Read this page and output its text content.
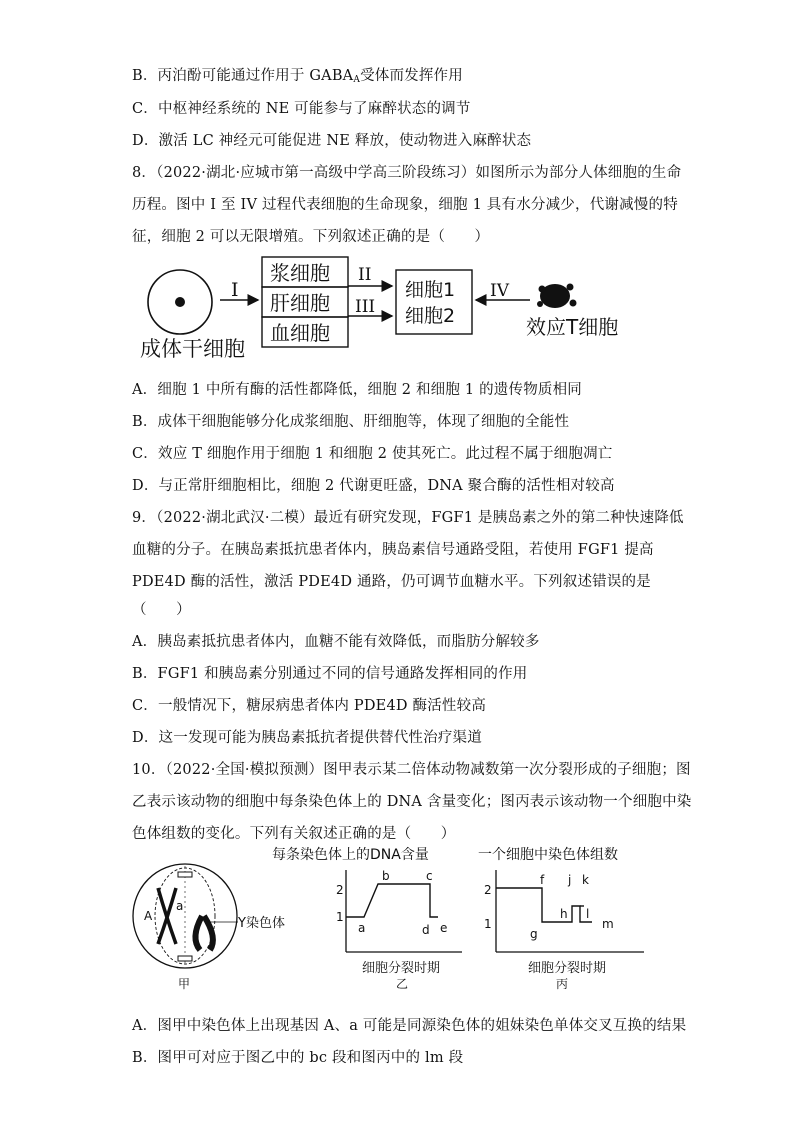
B．丙泊酚可能通过作用于 $GABA_A$受体而发挥作用
C．中枢神经系统的 NE 可能参与了麻醉状态的调节
D．激活 LC 神经元可能促进 NE 释放，使动物进入麻醉状态
8．（2022·湖北·应城市第一高级中学高三阶段练习）如图所示为部分人体细胞的生命
历程。图中 I 至 IV 过程代表细胞的生命现象，细胞 1 具有水分减少，代谢减慢的特
征，细胞 2 可以无限增殖。下列叙述正确的是（　　）
成体干细胞
I
浆细胞
肝细胞
血细胞
II
III
细胞1
细胞2
IV
效应T细胞
A．细胞 1 中所有酶的活性都降低，细胞 2 和细胞 1 的遗传物质相同
B．成体干细胞能够分化成浆细胞、肝细胞等，体现了细胞的全能性
C．效应 T 细胞作用于细胞 1 和细胞 2 使其死亡。此过程不属于细胞凋亡
D．与正常肝细胞相比，细胞 2 代谢更旺盛，DNA 聚合酶的活性相对较高
9．（2022·湖北武汉·二模）最近有研究发现，FGF1 是胰岛素之外的第二种快速降低
血糖的分子。在胰岛素抵抗患者体内，胰岛素信号通路受阻，若使用 FGF1 提高
PDE4D 酶的活性，激活 PDE4D 通路，仍可调节血糖水平。下列叙述错误的是
（　　）
A．胰岛素抵抗患者体内，血糖不能有效降低，而脂肪分解较多
B．FGF1 和胰岛素分别通过不同的信号通路发挥相同的作用
C．一般情况下，糖尿病患者体内 PDE4D 酶活性较高
D．这一发现可能为胰岛素抵抗者提供替代性治疗渠道
10．（2022·全国·模拟预测）图甲表示某二倍体动物减数第一次分裂形成的子细胞；图
乙表示该动物的细胞中每条染色体上的 DNA 含量变化；图丙表示该动物一个细胞中染
色体组数的变化。下列有关叙述正确的是（　　）
A
a
Y染色体
甲
每条染色体上的DNA含量
2
1
a
b	c
d e
细胞分裂时期
乙
一个细胞中染色体组数
2
1
f
g
h
j k
l
m
细胞分裂时期
丙
A．图甲中染色体上出现基因 A、a 可能是同源染色体的姐妹染色单体交叉互换的结果
B．图甲可对应于图乙中的 bc 段和图丙中的 lm 段
